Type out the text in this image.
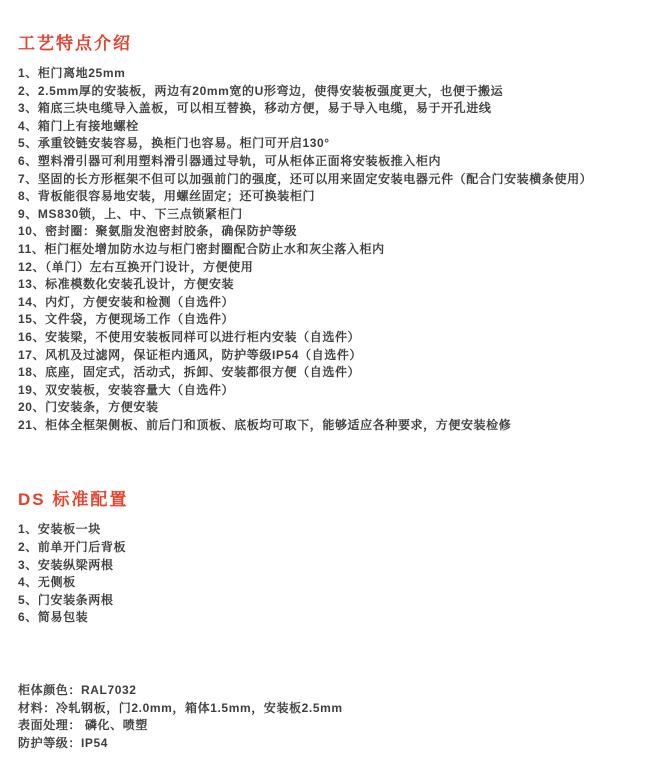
工艺特点介绍
1、柜门离地25mm
2、2.5mm厚的安装板，两边有20mm宽的U形弯边，使得安装板强度更大，也便于搬运
3、箱底三块电缆导入盖板，可以相互替换，移动方便，易于导入电缆，易于开孔进线
4、箱门上有接地螺栓
5、承重铰链安装容易，换柜门也容易。柜门可开启130°
6、塑料滑引器可利用塑料滑引器通过导轨，可从柜体正面将安装板推入柜内
7、坚固的长方形框架不但可以加强前门的强度，还可以用来固定安装电器元件（配合门安装横条使用）
8、背板能很容易地安装，用螺丝固定；还可换装柜门
9、MS830锁，上、中、下三点锁紧柜门
10、密封圈：聚氨脂发泡密封胶条，确保防护等级
11、柜门框处增加防水边与柜门密封圈配合防止水和灰尘落入柜内
12、（单门）左右互换开门设计，方便使用
13、标准模数化安装孔设计，方便安装
14、内灯，方便安装和检测（自选件）
15、文件袋，方便现场工作（自选件）
16、安装梁，不使用安装板同样可以进行柜内安装（自选件）
17、风机及过滤网，保证柜内通风，防护等级IP54（自选件）
18、底座，固定式，活动式，拆卸、安装都很方便（自选件）
19、双安装板，安装容量大（自选件）
20、门安装条，方便安装
21、柜体全框架侧板、前后门和顶板、底板均可取下，能够适应各种要求，方便安装检修
DS 标准配置
1、安装板一块
2、前单开门后背板
3、安装纵梁两根
4、无侧板
5、门安装条两根
6、简易包装
柜体颜色：RAL7032
材料：冷轧钢板，门2.0mm，箱体1.5mm，安装板2.5mm
表面处理： 磷化、喷塑
防护等级：IP54
